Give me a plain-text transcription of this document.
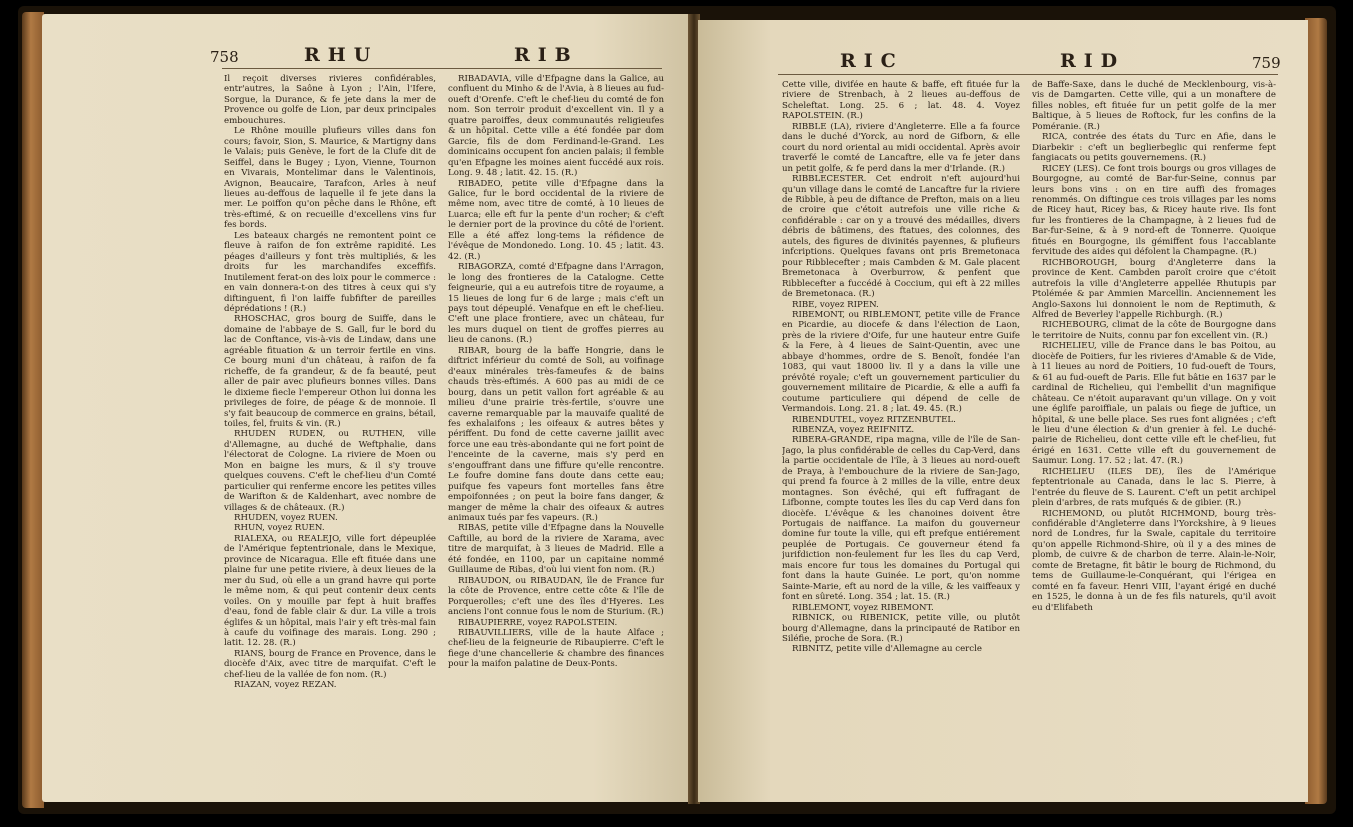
758	RHU	RIB

Il reçoit diverses rivieres confidérables, entr'autres, la Saône à Lyon ; l'Ain, l'Ifere, Sorgue, la Durance, & fe jete dans la mer de Provence ou golfe de Lion, par deux principales embouchures.

Le Rhône mouille plufieurs villes dans fon cours; favoir, Sion, S. Maurice, & Martigny dans le Valais; puis Genève, le fort de la Clufe dit de Seiffel, dans le Bugey ; Lyon, Vienne, Tournon en Vivarais, Montelimar dans le Valentinois, Avignon, Beaucaire, Tarafcon, Arles à neuf lieues au-deffous de laquelle il fe jete dans la mer. Le poiffon qu'on pêche dans le Rhône, eft très-eftimé, & on recueille d'excellens vins fur fes bords.

Les bateaux chargés ne remontent point ce fleuve à raifon de fon extrême rapidité. Les péages d'ailleurs y font très multipliés, & les droits fur les marchandifes exceffifs. Inutilement ferat-on des loix pour le commerce : en vain donnera-t-on des titres à ceux qui s'y diftinguent, fi l'on laiffe fubfifter de pareilles déprédations ! (R.)

RHOSCHAC, gros bourg de Suiffe, dans le domaine de l'abbaye de S. Gall, fur le bord du lac de Conftance, vis-à-vis de Lindaw, dans une agréable fituation & un terroir fertile en vins. Ce bourg muni d'un château, à raifon de fa richeffe, de fa grandeur, & de fa beauté, peut aller de pair avec plufieurs bonnes villes. Dans le dixieme fiecle l'empereur Othon lui donna les privileges de foire, de péage & de monnoie. Il s'y fait beaucoup de commerce en grains, bétail, toiles, fel, fruits & vin. (R.)

RHUDEN RUDEN, ou RUTHEN, ville d'Allemagne, au duché de Weftphalie, dans l'électorat de Cologne. La riviere de Moen ou Mon en baigne les murs, & il s'y trouve quelques couvens. C'eft le chef-lieu d'un Comté particulier qui renferme encore les petites villes de Warifton & de Kaldenhart, avec nombre de villages & de châteaux. (R.)

RHUDEN, voyez RUEN.

RHUN, voyez RUEN.

RIALEXA, ou REALEJO, ville fort dépeuplée de l'Amérique feptentrionale, dans le Mexique, province de Nicaragua. Elle eft fituée dans une plaine fur une petite riviere, à deux lieues de la mer du Sud, où elle a un grand havre qui porte le même nom, & qui peut contenir deux cents voiles. On y mouille par fept à huit braffes d'eau, fond de fable clair & dur. La ville a trois églifes & un hôpital, mais l'air y eft très-mal fain à caufe du voifinage des marais. Long. 290 ; latit. 12. 28. (R.)

RIANS, bourg de France en Provence, dans le diocèfe d'Aix, avec titre de marquifat. C'eft le chef-lieu de la vallée de fon nom. (R.)

RIAZAN, voyez REZAN.

RIBADAVIA, ville d'Efpagne dans la Galice, au confluent du Minho & de l'Avia, à 8 lieues au fud-oueft d'Orenfe. C'eft le chef-lieu du comté de fon nom. Son terroir produit d'excellent vin. Il y a quatre paroiffes, deux communautés religieufes & un hôpital. Cette ville a été fondée par dom Garcie, fils de dom Ferdinand-le-Grand. Les dominicains occupent fon ancien palais; il femble qu'en Efpagne les moines aient fuccédé aux rois. Long. 9. 48 ; latit. 42. 15. (R.)

RIBADEO, petite ville d'Efpagne dans la Galice, fur le bord occidental de la riviere de même nom, avec titre de comté, à 10 lieues de Luarca; elle eft fur la pente d'un rocher; & c'eft le dernier port de la province du côté de l'orient. Elle a été affez long-tems la réfidence de l'évêque de Mondonedo. Long. 10. 45 ; latit. 43. 42. (R.)

RIBAGORZA, comté d'Efpagne dans l'Arragon, le long des frontieres de la Catalogne. Cette feigneurie, qui a eu autrefois titre de royaume, a 15 lieues de long fur 6 de large ; mais c'eft un pays tout dépeuplé. Venafque en eft le chef-lieu. C'eft une place frontiere, avec un château, fur les murs duquel on tient de groffes pierres au lieu de canons. (R.)

RIBAR, bourg de la baffe Hongrie, dans le diftrict inférieur du comté de Soli, au voifinage d'eaux minérales très-fameufes & de bains chauds très-eftimés. A 600 pas au midi de ce bourg, dans un petit vallon fort agréable & au milieu d'une prairie très-fertile, s'ouvre une caverne remarquable par la mauvaife qualité de fes exhalaifons ; les oifeaux & autres bêtes y périffent. Du fond de cette caverne jaillit avec force une eau très-abondante qui ne fort point de l'enceinte de la caverne, mais s'y perd en s'engouffrant dans une fiffure qu'elle rencontre. Le foufre domine fans doute dans cette eau; puifque fes vapeurs font mortelles fans être empoifonnées ; on peut la boire fans danger, & manger de même la chair des oifeaux & autres animaux tués par fes vapeurs. (R.)

RIBAS, petite ville d'Efpagne dans la Nouvelle Caftille, au bord de la riviere de Xarama, avec titre de marquifat, à 3 lieues de Madrid. Elle a été fondée, en 1100, par un capitaine nommé Guillaume de Ribas, d'où lui vient fon nom. (R.)

RIBAUDON, ou RIBAUDAN, île de France fur la côte de Provence, entre cette côte & l'île de Porquerolles; c'eft une des îles d'Hyeres. Les anciens l'ont connue fous le nom de Sturium. (R.)

RIBAUPIERRE, voyez RAPOLSTEIN.

RIBAUVILLIERS, ville de la haute Alface ; chef-lieu de la feigneurie de Ribaupierre. C'eft le fiege d'une chancellerie & chambre des finances pour la maifon palatine de Deux-Ponts.

RIC	RID	759

Cette ville, divifée en haute & baffe, eft fituée fur la riviere de Strenbach, à 2 lieues au-deffous de Scheleftat. Long. 25. 6 ; lat. 48. 4. Voyez RAPOLSTEIN. (R.)

RIBBLE (LA), riviere d'Angleterre. Elle a fa fource dans le duché d'Yorck, au nord de Gifborn, & elle court du nord oriental au midi occidental. Après avoir traverfé le comté de Lancaftre, elle va fe jeter dans un petit golfe, & fe perd dans la mer d'Irlande. (R.)

RIBBLECESTER. Cet endroit n'eft aujourd'hui qu'un village dans le comté de Lancaftre fur la riviere de Ribble, à peu de diftance de Prefton, mais on a lieu de croire que c'étoit autrefois une ville riche & confidérable : car on y a trouvé des médailles, divers débris de bâtimens, des ftatues, des colonnes, des autels, des figures de divinités payennes, & plufieurs infcriptions. Quelques favans ont pris Bremetonaca pour Ribblecefter ; mais Cambden & M. Gale placent Bremetonaca à Overburrow, & penfent que Ribblecefter a fuccédé à Coccium, qui eft à 22 milles de Bremetonaca. (R.)

RIBE, voyez RIPEN.

RIBEMONT, ou RIBLEMONT, petite ville de France en Picardie, au diocefe & dans l'élection de Laon, près de la riviere d'Oife, fur une hauteur entre Guife & la Fere, à 4 lieues de Saint-Quentin, avec une abbaye d'hommes, ordre de S. Benoît, fondée l'an 1083, qui vaut 18000 liv. Il y a dans la ville une prévôté royale; c'eft un gouvernement particulier du gouvernement militaire de Picardie, & elle a auffi fa coutume particuliere qui dépend de celle de Vermandois. Long. 21. 8 ; lat. 49. 45. (R.)

RIBENDUTEL, voyez RITZENBUTEL.

RIBENZA, voyez REIFNITZ.

RIBERA-GRANDE, ripa magna, ville de l'île de San-Jago, la plus confidérable de celles du Cap-Verd, dans la partie occidentale de l'île, à 3 lieues au nord-oueft de Praya, à l'embouchure de la riviere de San-Jago, qui prend fa fource à 2 milles de la ville, entre deux montagnes. Son évêché, qui eft fuffragant de Lifbonne, compte toutes les îles du cap Verd dans fon diocèfe. L'évêque & les chanoines doivent être Portugais de naiffance. La maifon du gouverneur domine fur toute la ville, qui eft prefque entiérement peuplée de Portugais. Ce gouverneur étend fa jurifdiction non-feulement fur les îles du cap Verd, mais encore fur tous les domaines du Portugal qui font dans la haute Guinée. Le port, qu'on nomme Sainte-Marie, eft au nord de la ville, & les vaiffeaux y font en sûreté. Long. 354 ; lat. 15. (R.)

RIBLEMONT, voyez RIBEMONT.

RIBNICK, ou RIBENICK, petite ville, ou plutôt bourg d'Allemagne, dans la principauté de Ratibor en Siléfie, proche de Sora. (R.)

RIBNITZ, petite ville d'Allemagne au cercle

de Baffe-Saxe, dans le duché de Mecklenbourg, vis-à-vis de Damgarten. Cette ville, qui a un monaftere de filles nobles, eft fituée fur un petit golfe de la mer Baltique, à 5 lieues de Roftock, fur les confins de la Poméranie. (R.)

RICA, contrée des états du Turc en Afie, dans le Diarbekir : c'eft un beglierbeglic qui renferme fept fangiacats ou petits gouvernemens. (R.)

RICEY (LES). Ce font trois bourgs ou gros villages de Bourgogne, au comté de Bar-fur-Seine, connus par leurs bons vins : on en tire auffi des fromages renommés. On diftingue ces trois villages par les noms de Ricey haut, Ricey bas, & Ricey haute rive. Ils font fur les frontieres de la Champagne, à 2 lieues fud de Bar-fur-Seine, & à 9 nord-eft de Tonnerre. Quoique fitués en Bourgogne, ils gémiffent fous l'accablante fervitude des aides qui défolent la Champagne. (R.)

RICHBOROUGH, bourg d'Angleterre dans la province de Kent. Cambden paroît croire que c'étoit autrefois la ville d'Angleterre appellée Rhutupis par Ptolémée & par Ammien Marcellin. Anciennement les Anglo-Saxons lui donnoient le nom de Reptimuth, & Alfred de Beverley l'appelle Richburgh. (R.)

RICHEBOURG, climat de la côte de Bourgogne dans le territoire de Nuits, connu par fon excellent vin. (R.)

RICHELIEU, ville de France dans le bas Poitou, au diocèfe de Poitiers, fur les rivieres d'Amable & de Vide, à 11 lieues au nord de Poitiers, 10 fud-oueft de Tours, & 61 au fud-oueft de Paris. Elle fut bâtie en 1637 par le cardinal de Richelieu, qui l'embellit d'un magnifique château. Ce n'étoit auparavant qu'un village. On y voit une églife paroiffiale, un palais ou fiege de juftice, un hôpital, & une belle place. Ses rues font alignées ; c'eft le lieu d'une élection & d'un grenier à fel. Le duché-pairie de Richelieu, dont cette ville eft le chef-lieu, fut érigé en 1631. Cette ville eft du gouvernement de Saumur. Long. 17. 52 ; lat. 47. (R.)

RICHELIEU (ILES DE), îles de l'Amérique feptentrionale au Canada, dans le lac S. Pierre, à l'entrée du fleuve de S. Laurent. C'eft un petit archipel plein d'arbres, de rats mufqués & de gibier. (R.)

RICHEMOND, ou plutôt RICHMOND, bourg très-confidérable d'Angleterre dans l'Yorckshire, à 9 lieues nord de Londres, fur la Swale, capitale du territoire qu'on appelle Richmond-Shire, où il y a des mines de plomb, de cuivre & de charbon de terre. Alain-le-Noir, comte de Bretagne, fit bâtir le bourg de Richmond, du tems de Guillaume-le-Conquérant, qui l'érigea en comté en fa faveur. Henri VIII, l'ayant érigé en duché en 1525, le donna à un de fes fils naturels, qu'il avoit eu d'Elifabeth
